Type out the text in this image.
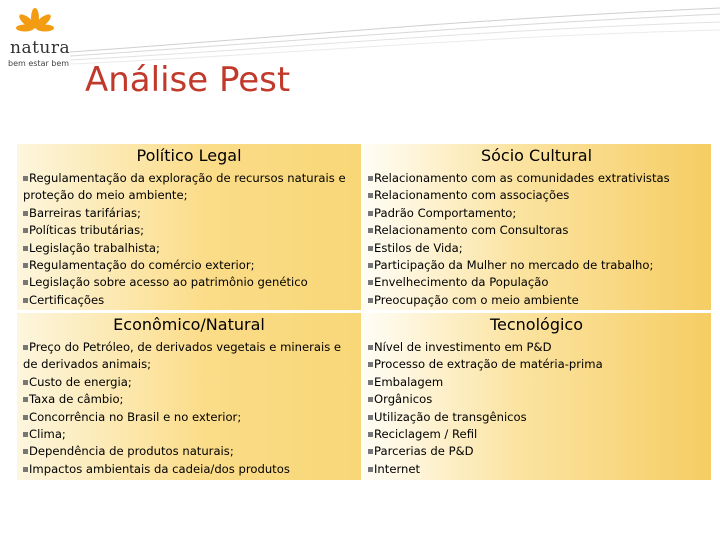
natura
bem estar bem Análise Pest
Político Legal
Regulamentação da exploração de recursos naturais e proteção do meio ambiente;
Barreiras tarifárias;
Políticas tributárias;
Legislação trabalhista;
Regulamentação do comércio exterior;
Legislação sobre acesso ao patrimônio genético
Certificações
Sócio Cultural
Relacionamento com as comunidades extrativistas
Relacionamento com associações
Padrão Comportamento;
Relacionamento com Consultoras
Estilos de Vida;
Participação da Mulher no mercado de trabalho;
Envelhecimento da População
Preocupação com o meio ambiente
Econômico/Natural
Preço do Petróleo, de derivados vegetais e minerais e de derivados animais;
Custo de energia;
Taxa de câmbio;
Concorrência no Brasil e no exterior;
Clima;
Dependência de produtos naturais;
Impactos ambientais da cadeia/dos produtos
Tecnológico
Nível de investimento em P&D
Processo de extração de matéria-prima
Embalagem
Orgânicos
Utilização de transgênicos
Reciclagem / Refil
Parcerias de P&D
Internet
